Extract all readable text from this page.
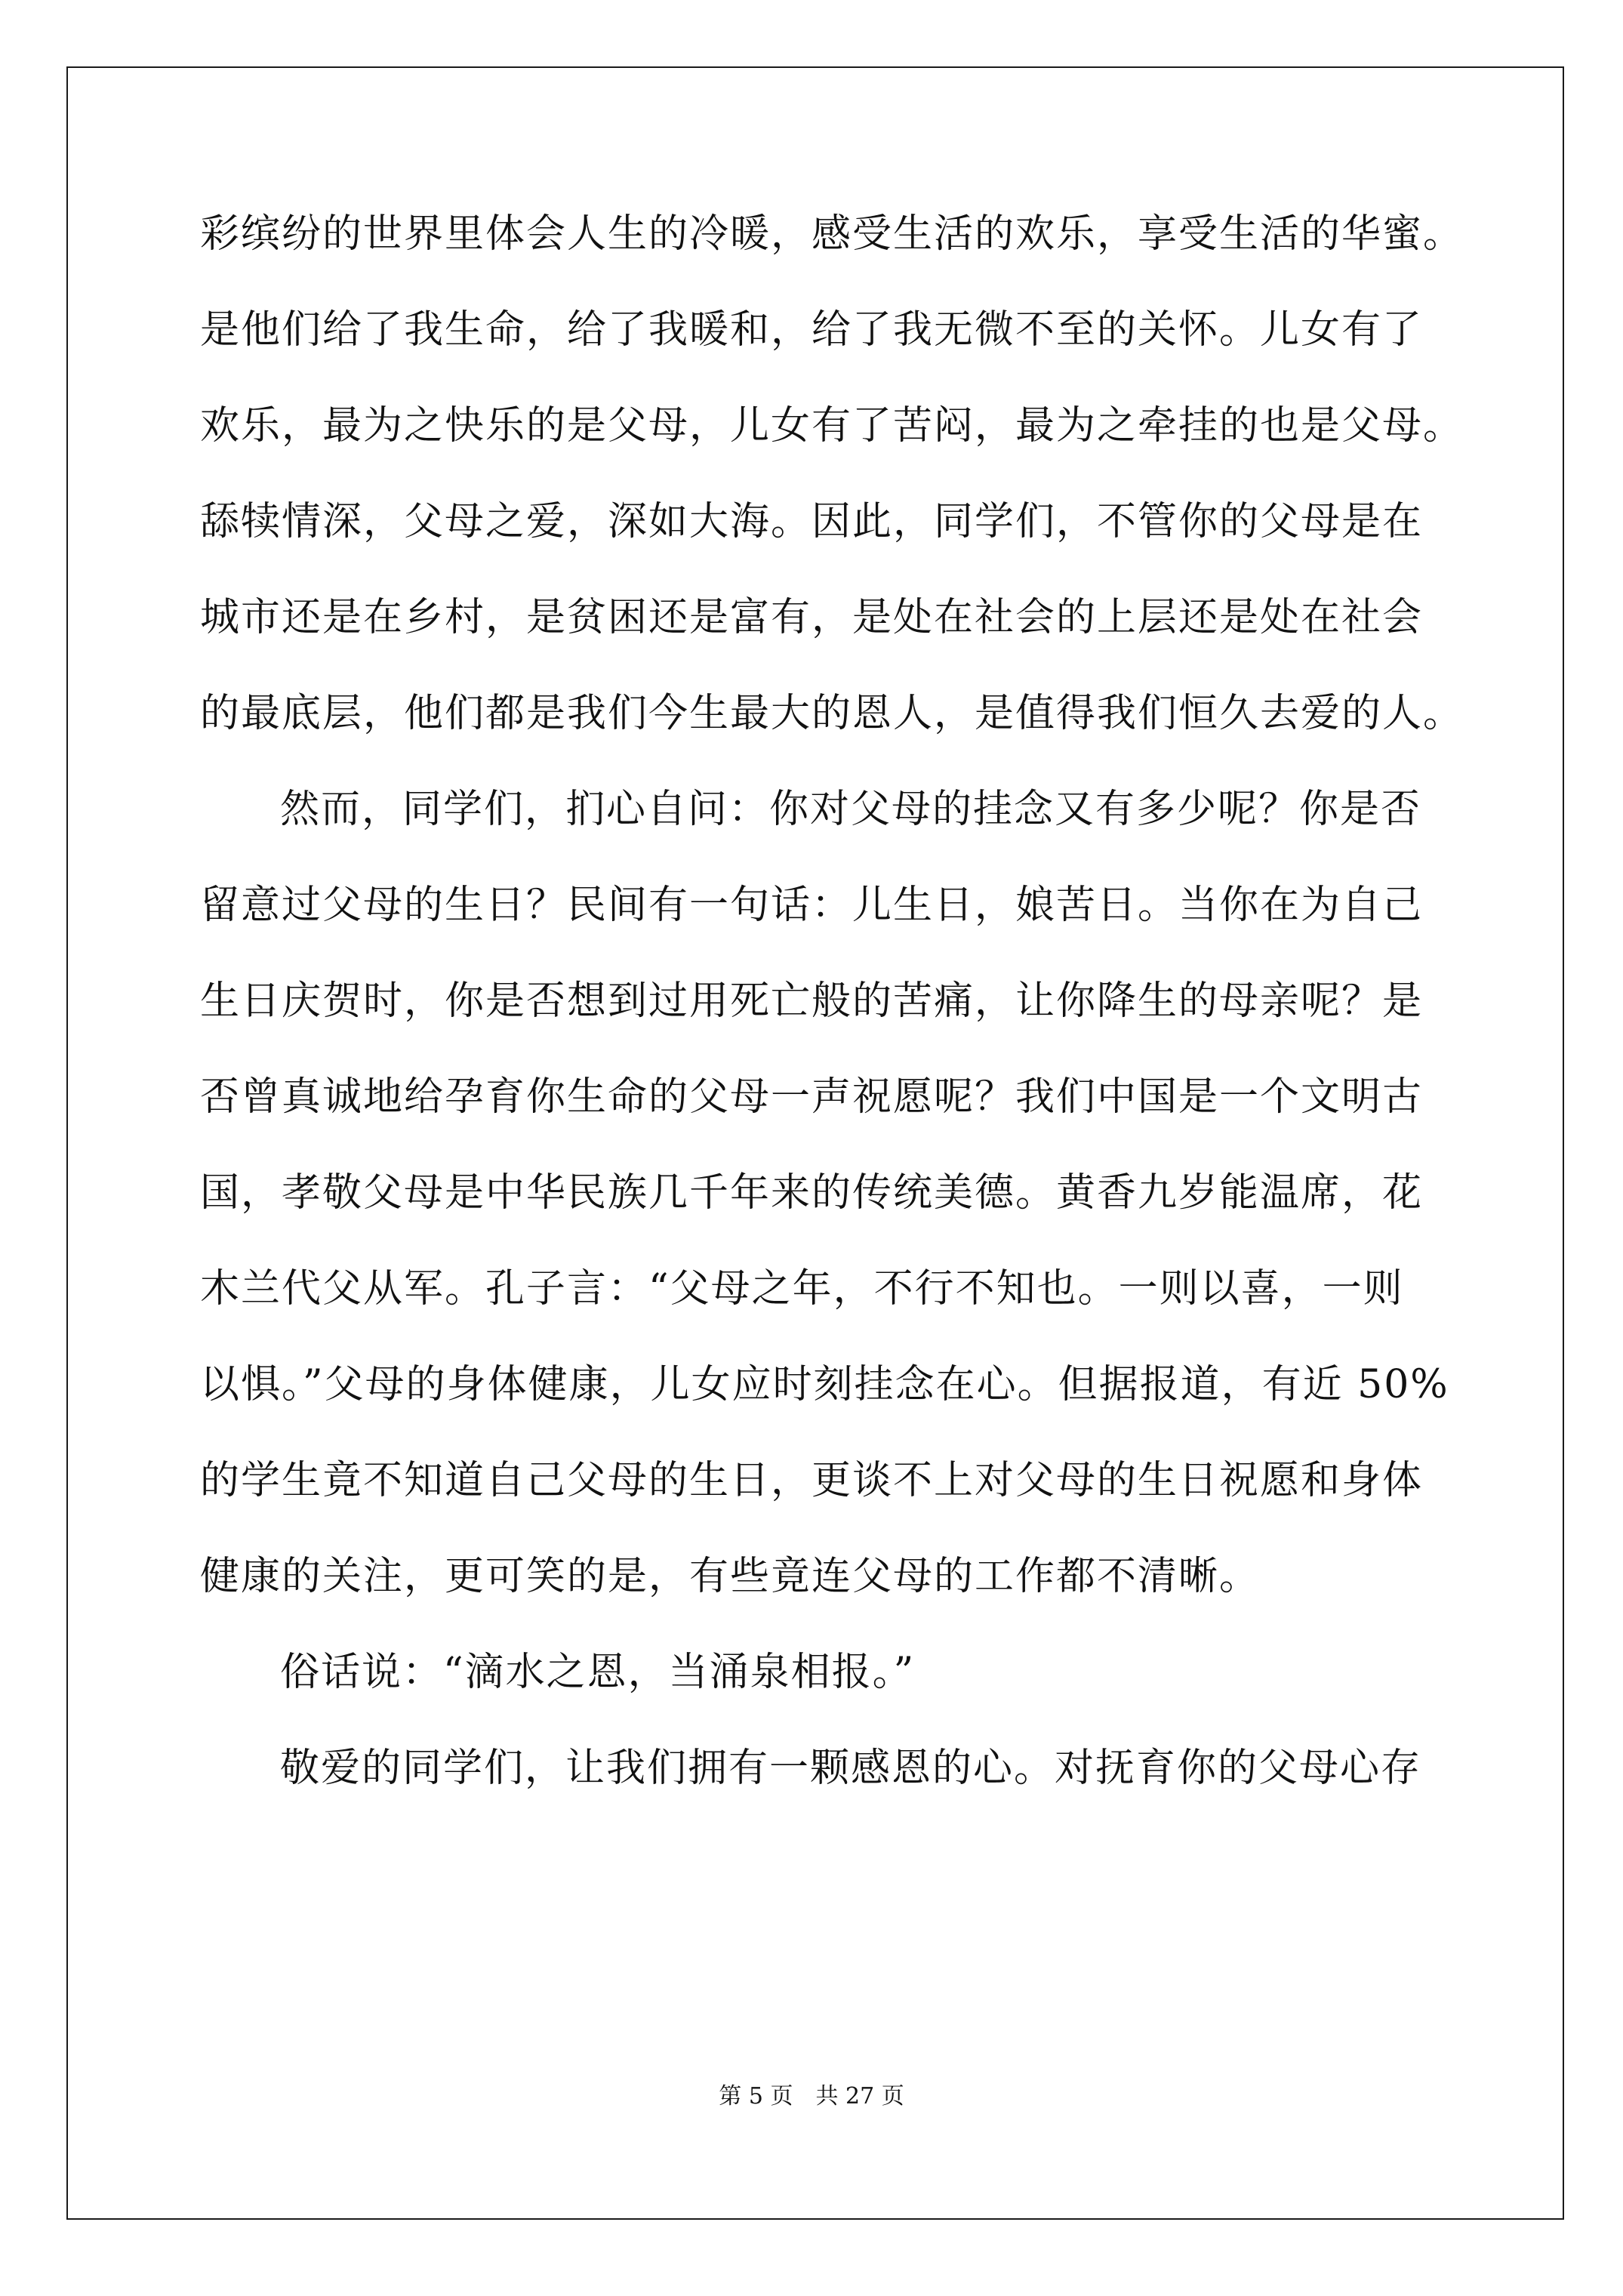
彩缤纷的世界里体会人生的冷暖，感受生活的欢乐，享受生活的华蜜。
是他们给了我生命，给了我暖和，给了我无微不至的关怀。儿女有了
欢乐，最为之快乐的是父母，儿女有了苦闷，最为之牵挂的也是父母。
舔犊情深，父母之爱，深如大海。因此，同学们，不管你的父母是在
城市还是在乡村，是贫困还是富有，是处在社会的上层还是处在社会
的最底层，他们都是我们今生最大的恩人，是值得我们恒久去爱的人。
然而，同学们，扪心自问：你对父母的挂念又有多少呢？你是否
留意过父母的生日？民间有一句话：儿生日，娘苦日。当你在为自己
生日庆贺时，你是否想到过用死亡般的苦痛，让你降生的母亲呢？是
否曾真诚地给孕育你生命的父母一声祝愿呢？我们中国是一个文明古
国，孝敬父母是中华民族几千年来的传统美德。黄香九岁能温席，花
木兰代父从军。孔子言：“父母之年，不行不知也。一则以喜，一则
以惧。”父母的身体健康，儿女应时刻挂念在心。但据报道，有近 50%
的学生竟不知道自己父母的生日，更谈不上对父母的生日祝愿和身体
健康的关注，更可笑的是，有些竟连父母的工作都不清晰。
俗话说：“滴水之恩，当涌泉相报。”
敬爱的同学们，让我们拥有一颗感恩的心。对抚育你的父母心存
第 5 页 共 27 页
